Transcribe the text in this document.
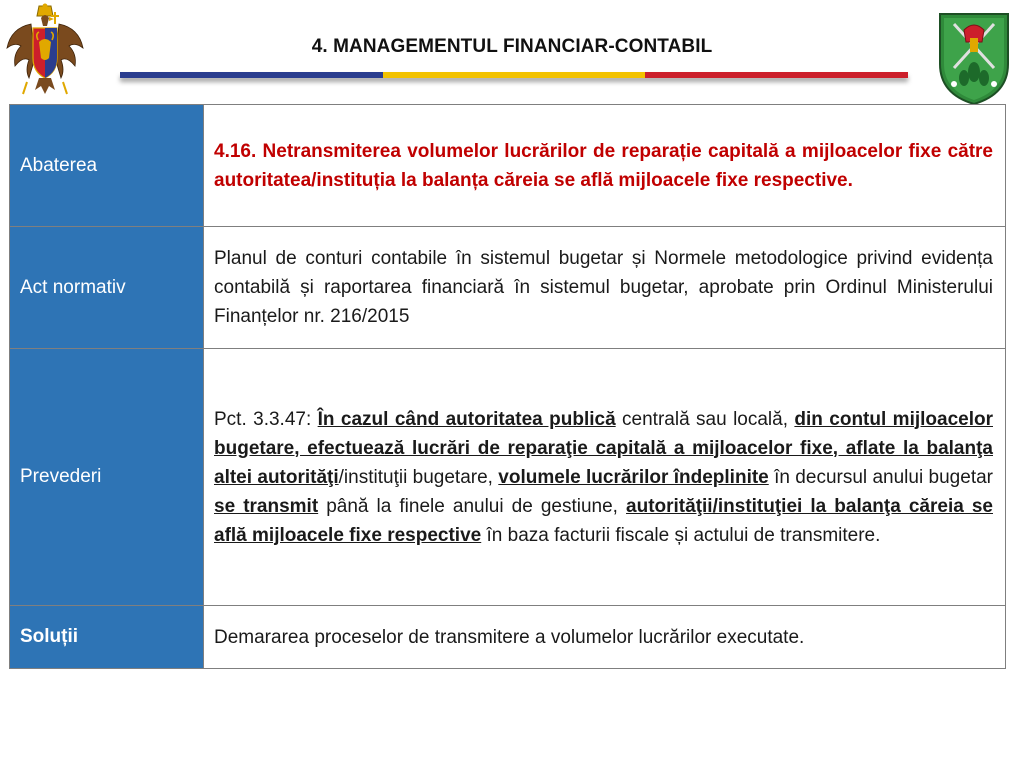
4. MANAGEMENTUL FINANCIAR-CONTABIL
Abaterea	4.16. Netransmiterea volumelor lucrărilor de reparație capitală a mijloacelor fixe către autoritatea/instituția la balanța căreia se află mijloacele fixe respective.
Act normativ	Planul de conturi contabile în sistemul bugetar și Normele metodologice privind evidența contabilă și raportarea financiară în sistemul bugetar, aprobate prin Ordinul Ministerului Finanțelor nr. 216/2015
Prevederi	Pct. 3.3.47: În cazul când autoritatea publică centrală sau locală, din contul mijloacelor bugetare, efectuează lucrări de reparaţie capitală a mijloacelor fixe, aflate la balanţa altei autorităţi/instituţii bugetare, volumele lucrărilor îndeplinite în decursul anului bugetar se transmit până la finele anului de gestiune, autorităţii/instituţiei la balanţa căreia se află mijloacele fixe respective în baza facturii fiscale și actului de transmitere.
Soluții	Demararea proceselor de transmitere a volumelor lucrărilor executate.
